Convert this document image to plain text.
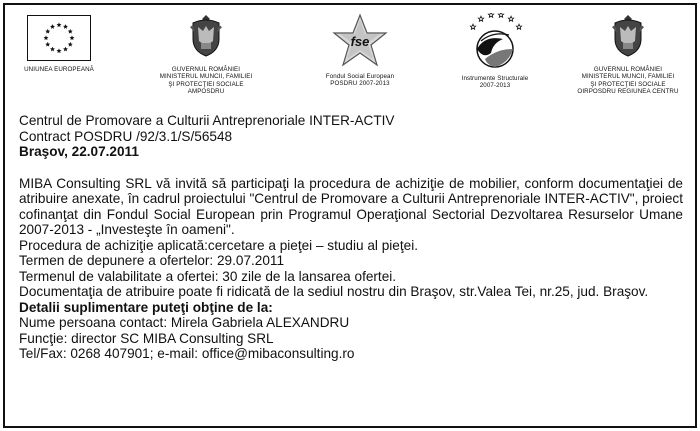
UNIUNEA EUROPEANĂ	GUVERNUL ROMÂNIEI
MINISTERUL MUNCII, FAMILIEI
ŞI PROTECŢIEI SOCIALE
AMPOSDRU
fse
Fondul Social European
POSDRU 2007-2013
Instrumente Structurale
2007-2013
GUVERNUL ROMÂNIEI
MINISTERUL MUNCII, FAMILIEI
ŞI PROTECŢIEI SOCIALE
OIRPOSDRU REGIUNEA CENTRU

Centrul de Promovare a Culturii Antreprenoriale INTER-ACTIV

Contract POSDRU /92/3.1/S/56548

Braşov, 22.07.2011

MIBA Consulting SRL vă invită să participaţi la procedura de achiziţie de mobilier, conform documentaţiei de atribuire anexate, în cadrul proiectului "Centrul de Promovare a Culturii Antreprenoriale INTER-ACTIV", proiect cofinanţat din Fondul Social European prin Programul Operaţional Sectorial Dezvoltarea Resurselor Umane 2007-2013 - „Investeşte în oameni".

Procedura de achiziţie aplicată:cercetare a pieţei – studiu al pieţei.

Termen de depunere a ofertelor: 29.07.2011

Termenul de valabilitate a ofertei: 30 zile de la lansarea ofertei.

Documentaţia de atribuire poate fi ridicată de la sediul nostru din Braşov, str.Valea Tei, nr.25, jud. Braşov.

Detalii suplimentare puteţi obţine de la:

Nume persoana contact: Mirela Gabriela ALEXANDRU

Funcţie: director SC MIBA Consulting SRL

Tel/Fax: 0268 407901; e-mail: office@mibaconsulting.ro
